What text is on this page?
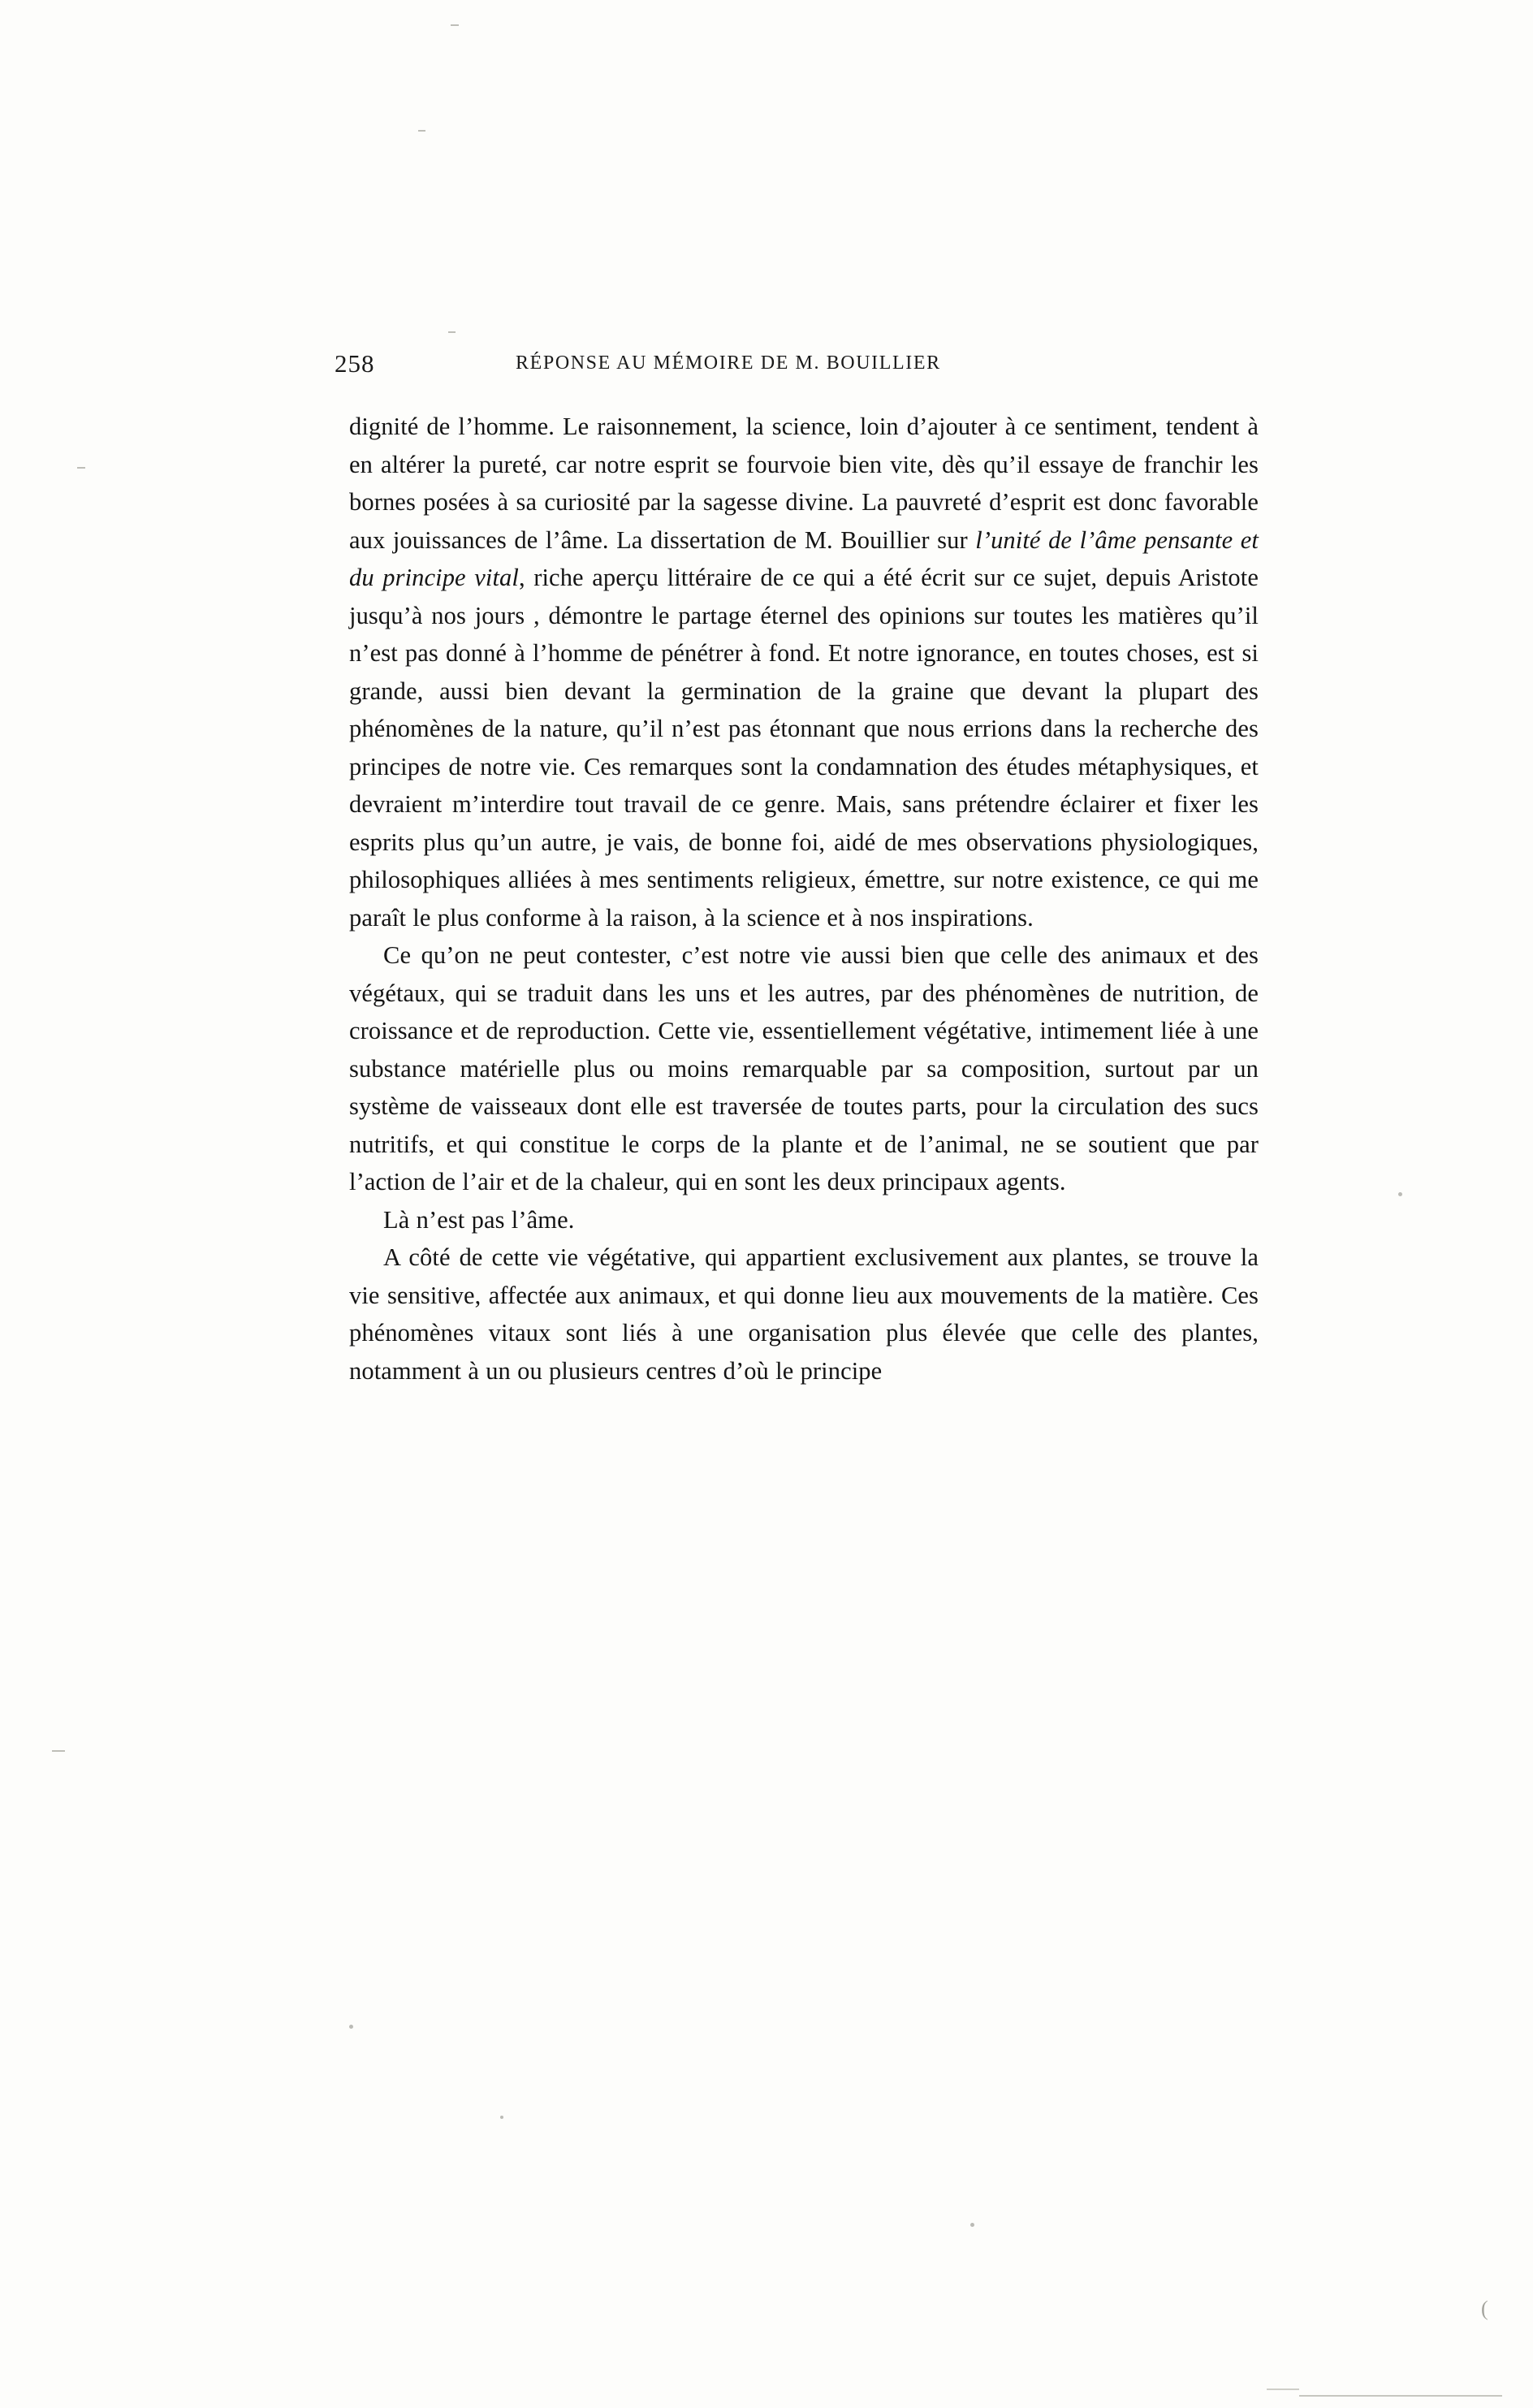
(
258	RÉPONSE AU MÉMOIRE DE M. BOUILLIER

dignité de l’homme. Le raisonnement, la science, loin d’ajouter à ce sentiment, tendent à en altérer la pureté, car notre esprit se fourvoie bien vite, dès qu’il essaye de franchir les bornes posées à sa curiosité par la sagesse divine. La pauvreté d’esprit est donc favorable aux jouissances de l’âme. La dissertation de M. Bouillier sur l’unité de l’âme pensante et du principe vital, riche aperçu littéraire de ce qui a été écrit sur ce sujet, depuis Aristote jusqu’à nos jours , démontre le partage éternel des opinions sur toutes les matières qu’il n’est pas donné à l’homme de pénétrer à fond. Et notre ignorance, en toutes choses, est si grande, aussi bien devant la germination de la graine que devant la plupart des phénomènes de la nature, qu’il n’est pas étonnant que nous errions dans la recherche des principes de notre vie. Ces remarques sont la condamnation des études métaphysiques, et devraient m’interdire tout travail de ce genre. Mais, sans prétendre éclairer et fixer les esprits plus qu’un autre, je vais, de bonne foi, aidé de mes observations physiologiques, philosophiques alliées à mes sentiments religieux, émettre, sur notre existence, ce qui me paraît le plus conforme à la raison, à la science et à nos inspirations.

Ce qu’on ne peut contester, c’est notre vie aussi bien que celle des animaux et des végétaux, qui se traduit dans les uns et les autres, par des phénomènes de nutrition, de croissance et de reproduction. Cette vie, essentiellement végétative, intimement liée à une substance matérielle plus ou moins remarquable par sa composition, surtout par un système de vaisseaux dont elle est traversée de toutes parts, pour la circulation des sucs nutritifs, et qui constitue le corps de la plante et de l’animal, ne se soutient que par l’action de l’air et de la chaleur, qui en sont les deux principaux agents.

Là n’est pas l’âme.

A côté de cette vie végétative, qui appartient exclusivement aux plantes, se trouve la vie sensitive, affectée aux animaux, et qui donne lieu aux mouvements de la matière. Ces phénomènes vitaux sont liés à une organisation plus élevée que celle des plantes, notamment à un ou plusieurs centres d’où le principe
